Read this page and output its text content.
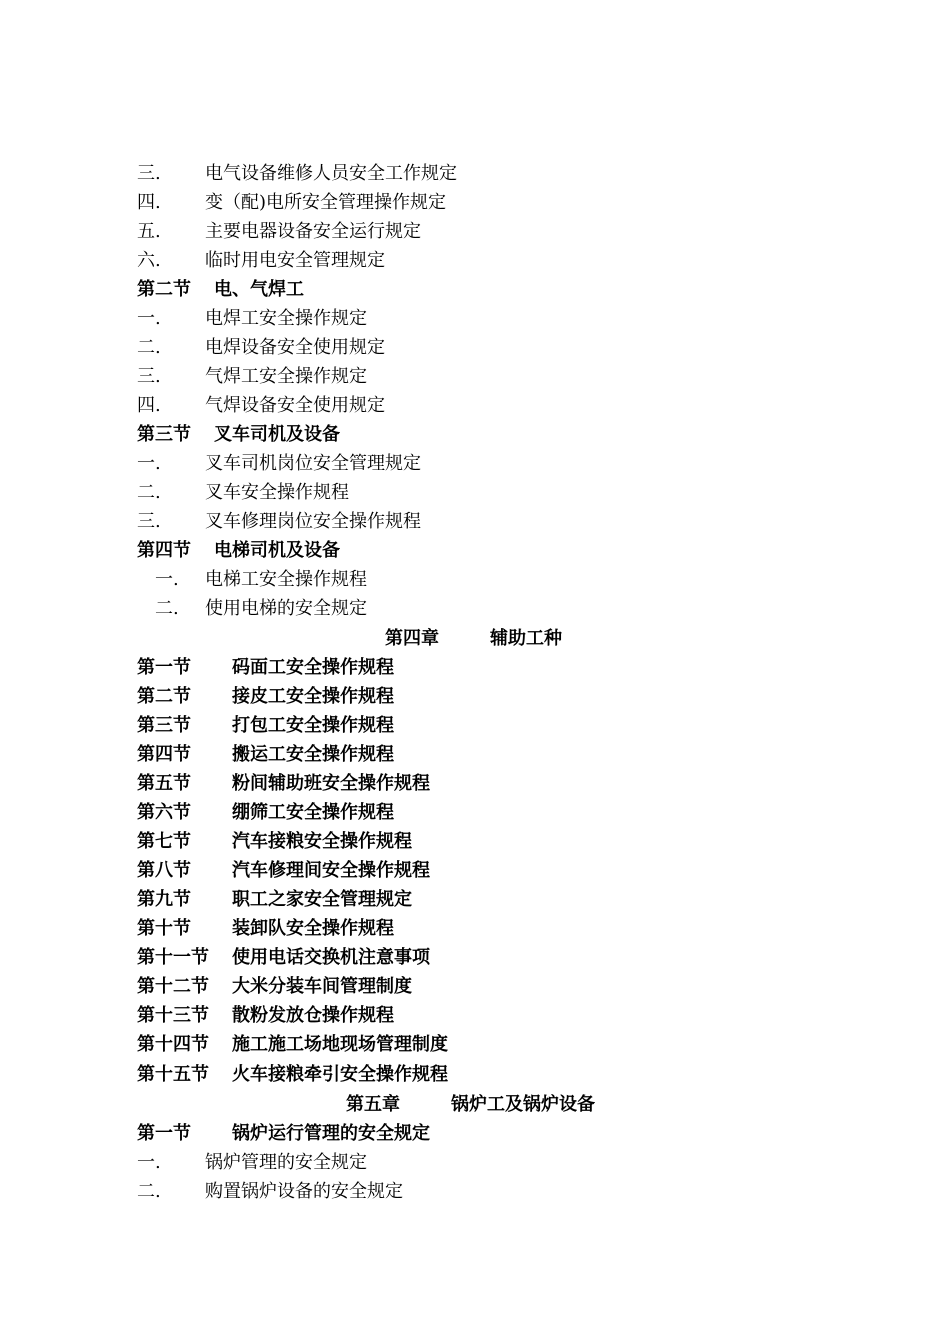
三. 电气设备维修人员安全工作规定
四. 变（配)电所安全管理操作规定
五. 主要电器设备安全运行规定
六. 临时用电安全管理规定
第二节 电、气焊工
一. 电焊工安全操作规定
二. 电焊设备安全使用规定
三. 气焊工安全操作规定
四. 气焊设备安全使用规定
第三节 叉车司机及设备
一. 叉车司机岗位安全管理规定
二. 叉车安全操作规程
三. 叉车修理岗位安全操作规程
第四节 电梯司机及设备
一. 电梯工安全操作规程
二. 使用电梯的安全规定
第四章	辅助工种
第一节 码面工安全操作规程
第二节 接皮工安全操作规程
第三节 打包工安全操作规程
第四节 搬运工安全操作规程
第五节 粉间辅助班安全操作规程
第六节 绷筛工安全操作规程
第七节 汽车接粮安全操作规程
第八节 汽车修理间安全操作规程
第九节 职工之家安全管理规定
第十节 装卸队安全操作规程
第十一节 使用电话交换机注意事项
第十二节 大米分装车间管理制度
第十三节 散粉发放仓操作规程
第十四节 施工施工场地现场管理制度
第十五节 火车接粮牵引安全操作规程
第五章	锅炉工及锅炉设备
第一节 锅炉运行管理的安全规定
一. 锅炉管理的安全规定
二. 购置锅炉设备的安全规定
